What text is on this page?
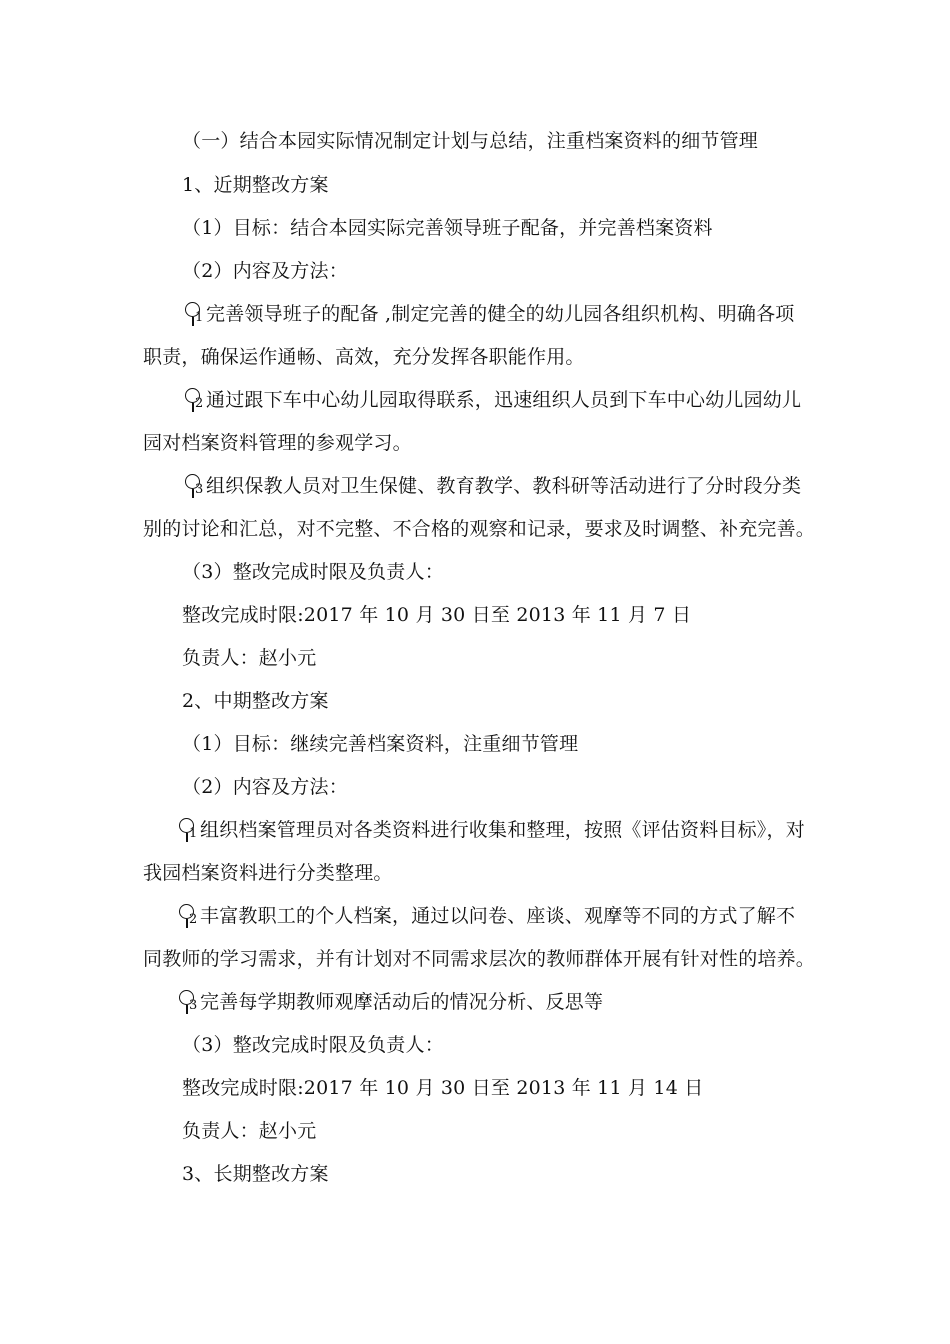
（一）结合本园实际情况制定计划与总结，注重档案资料的细节管理
1、近期整改方案
（1）目标：结合本园实际完善领导班子配备，并完善档案资料
（2）内容及方法：
1 完善领导班子的配备 ,制定完善的健全的幼儿园各组织机构、明确各项
职责，确保运作通畅、高效，充分发挥各职能作用。
2 通过跟下车中心幼儿园取得联系，迅速组织人员到下车中心幼儿园幼儿
园对档案资料管理的参观学习。
3 组织保教人员对卫生保健、教育教学、教科研等活动进行了分时段分类
别的讨论和汇总，对不完整、不合格的观察和记录，要求及时调整、补充完善。
（3）整改完成时限及负责人：
整改完成时限:2017 年 10 月 30 日至 2013 年 11 月 7 日
负责人：赵小元
2、中期整改方案
（1）目标：继续完善档案资料，注重细节管理
（2）内容及方法：
1 组织档案管理员对各类资料进行收集和整理，按照《评估资料目标》，对
我园档案资料进行分类整理。
2 丰富教职工的个人档案，通过以问卷、座谈、观摩等不同的方式了解不
同教师的学习需求，并有计划对不同需求层次的教师群体开展有针对性的培养。
3 完善每学期教师观摩活动后的情况分析、反思等
（3）整改完成时限及负责人：
整改完成时限:2017 年 10 月 30 日至 2013 年 11 月 14 日
负责人：赵小元
3、长期整改方案
